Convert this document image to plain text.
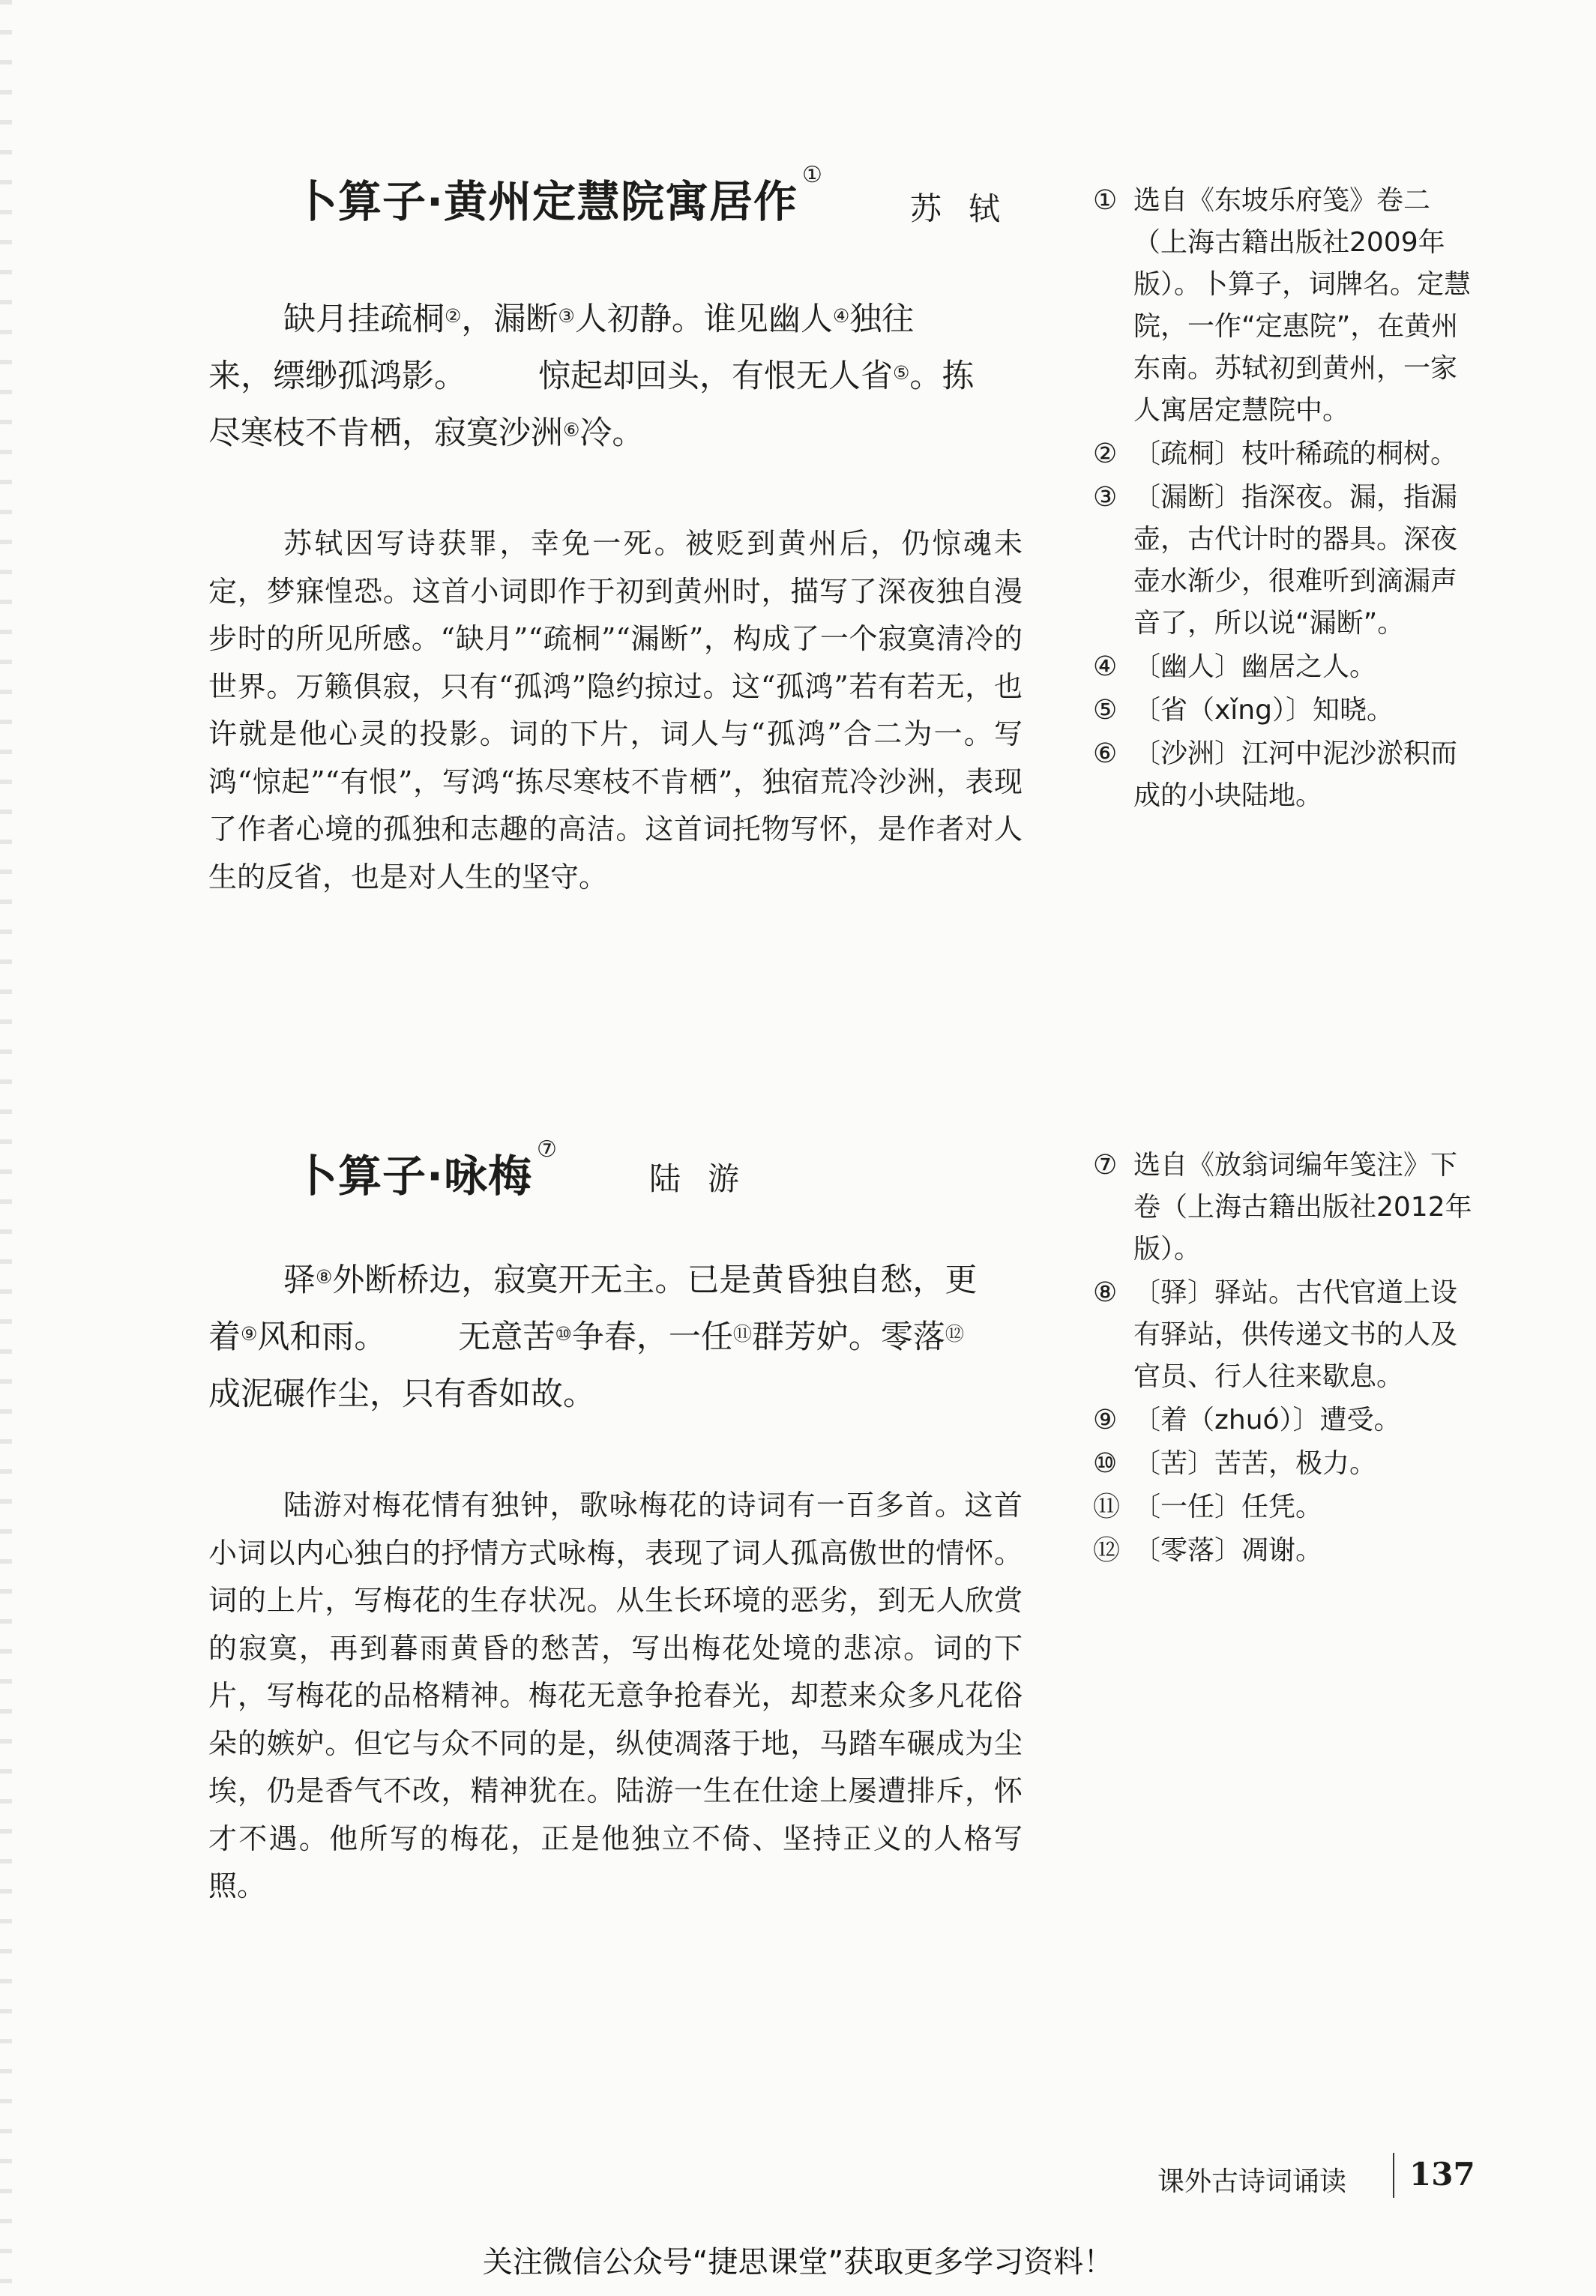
卜算子·黄州定慧院寓居作①
苏轼
缺月挂疏桐②，漏断③人初静。谁见幽人④独往
来，缥缈孤鸿影。 惊起却回头，有恨无人省⑤。拣
尽寒枝不肯栖，寂寞沙洲⑥冷。
苏轼因写诗获罪，幸免一死。被贬到黄州后，仍惊魂未定，梦寐惶恐。这首小词即作于初到黄州时，描写了深夜独自漫步时的所见所感。“缺月”“疏桐”“漏断”，构成了一个寂寞清冷的世界。万籁俱寂，只有“孤鸿”隐约掠过。这“孤鸿”若有若无，也许就是他心灵的投影。词的下片，词人与“孤鸿”合二为一。写鸿“惊起”“有恨”，写鸿“拣尽寒枝不肯栖”，独宿荒冷沙洲，表现了作者心境的孤独和志趣的高洁。这首词托物写怀，是作者对人生的反省，也是对人生的坚守。
① 选自《东坡乐府笺》卷二（上海古籍出版社2009年版）。卜算子，词牌名。定慧院，一作“定惠院”，在黄州东南。苏轼初到黄州，一家人寓居定慧院中。
② 〔疏桐〕枝叶稀疏的桐树。
③ 〔漏断〕指深夜。漏，指漏壶，古代计时的器具。深夜壶水渐少，很难听到滴漏声音了，所以说“漏断”。
④ 〔幽人〕幽居之人。
⑤ 〔省（xǐng）〕知晓。
⑥ 〔沙洲〕江河中泥沙淤积而成的小块陆地。
卜算子·咏梅⑦
陆游
驿⑧外断桥边，寂寞开无主。已是黄昏独自愁，更
着⑨风和雨。 无意苦⑩争春，一任⑪群芳妒。零落⑫
成泥碾作尘，只有香如故。
陆游对梅花情有独钟，歌咏梅花的诗词有一百多首。这首小词以内心独白的抒情方式咏梅，表现了词人孤高傲世的情怀。词的上片，写梅花的生存状况。从生长环境的恶劣，到无人欣赏的寂寞，再到暮雨黄昏的愁苦，写出梅花处境的悲凉。词的下片，写梅花的品格精神。梅花无意争抢春光，却惹来众多凡花俗朵的嫉妒。但它与众不同的是，纵使凋落于地，马踏车碾成为尘埃，仍是香气不改，精神犹在。陆游一生在仕途上屡遭排斥，怀才不遇。他所写的梅花，正是他独立不倚、坚持正义的人格写照。
⑦ 选自《放翁词编年笺注》下卷（上海古籍出版社2012年版）。
⑧ 〔驿〕驿站。古代官道上设有驿站，供传递文书的人及官员、行人往来歇息。
⑨ 〔着（zhuó）〕遭受。
⑩ 〔苦〕苦苦，极力。
⑪ 〔一任〕任凭。
⑫ 〔零落〕凋谢。
课外古诗词诵读 137
关注微信公众号“捷思课堂”获取更多学习资料！
